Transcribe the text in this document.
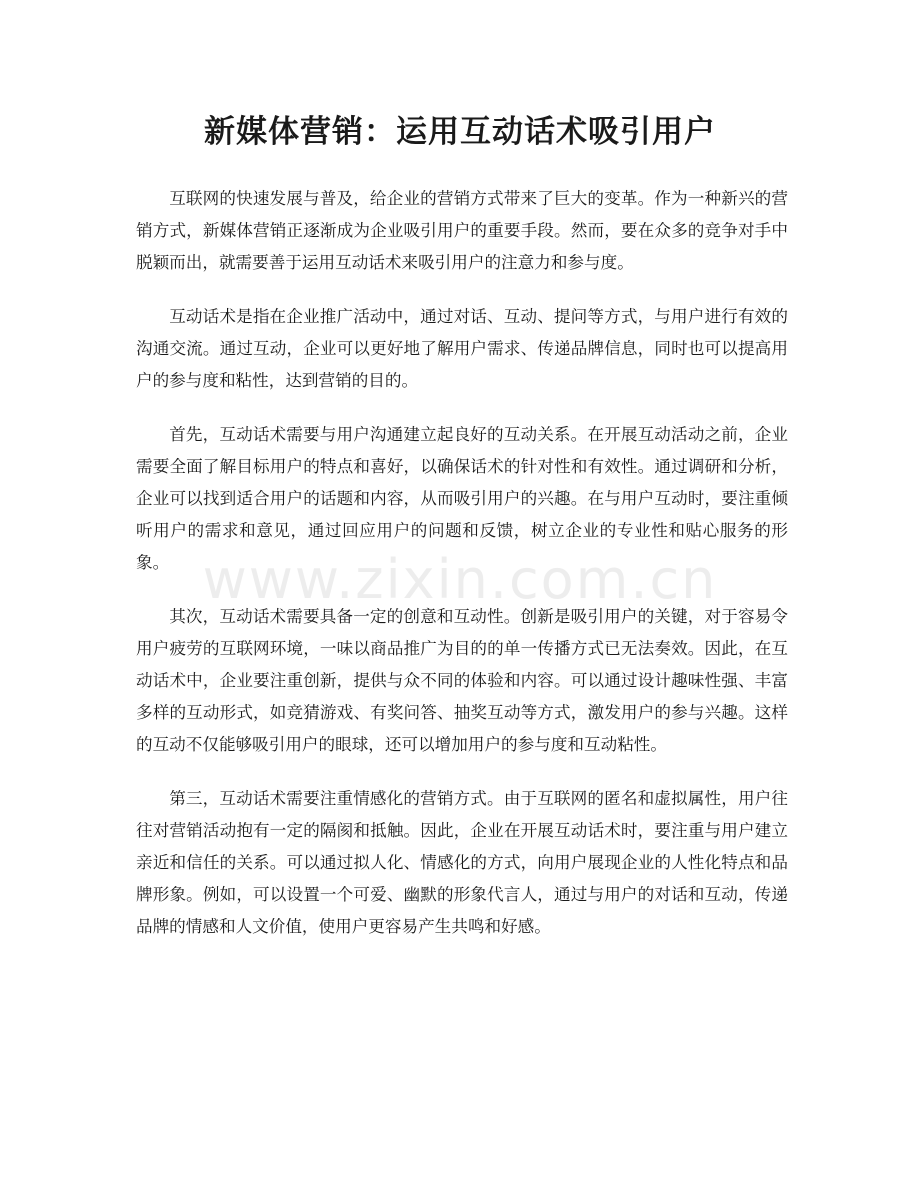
新媒体营销：运用互动话术吸引用户

互联网的快速发展与普及，给企业的营销方式带来了巨大的变革。作为一种新兴的营销方式，新媒体营销正逐渐成为企业吸引用户的重要手段。然而，要在众多的竞争对手中脱颖而出，就需要善于运用互动话术来吸引用户的注意力和参与度。

互动话术是指在企业推广活动中，通过对话、互动、提问等方式，与用户进行有效的沟通交流。通过互动，企业可以更好地了解用户需求、传递品牌信息，同时也可以提高用户的参与度和粘性，达到营销的目的。

首先，互动话术需要与用户沟通建立起良好的互动关系。在开展互动活动之前，企业需要全面了解目标用户的特点和喜好，以确保话术的针对性和有效性。通过调研和分析，企业可以找到适合用户的话题和内容，从而吸引用户的兴趣。在与用户互动时，要注重倾听用户的需求和意见，通过回应用户的问题和反馈，树立企业的专业性和贴心服务的形象。

其次，互动话术需要具备一定的创意和互动性。创新是吸引用户的关键，对于容易令用户疲劳的互联网环境，一味以商品推广为目的的单一传播方式已无法奏效。因此，在互动话术中，企业要注重创新，提供与众不同的体验和内容。可以通过设计趣味性强、丰富多样的互动形式，如竞猜游戏、有奖问答、抽奖互动等方式，激发用户的参与兴趣。这样的互动不仅能够吸引用户的眼球，还可以增加用户的参与度和互动粘性。

第三，互动话术需要注重情感化的营销方式。由于互联网的匿名和虚拟属性，用户往往对营销活动抱有一定的隔阂和抵触。因此，企业在开展互动话术时，要注重与用户建立亲近和信任的关系。可以通过拟人化、情感化的方式，向用户展现企业的人性化特点和品牌形象。例如，可以设置一个可爱、幽默的形象代言人，通过与用户的对话和互动，传递品牌的情感和人文价值，使用户更容易产生共鸣和好感。

www.zixin.com.cn
